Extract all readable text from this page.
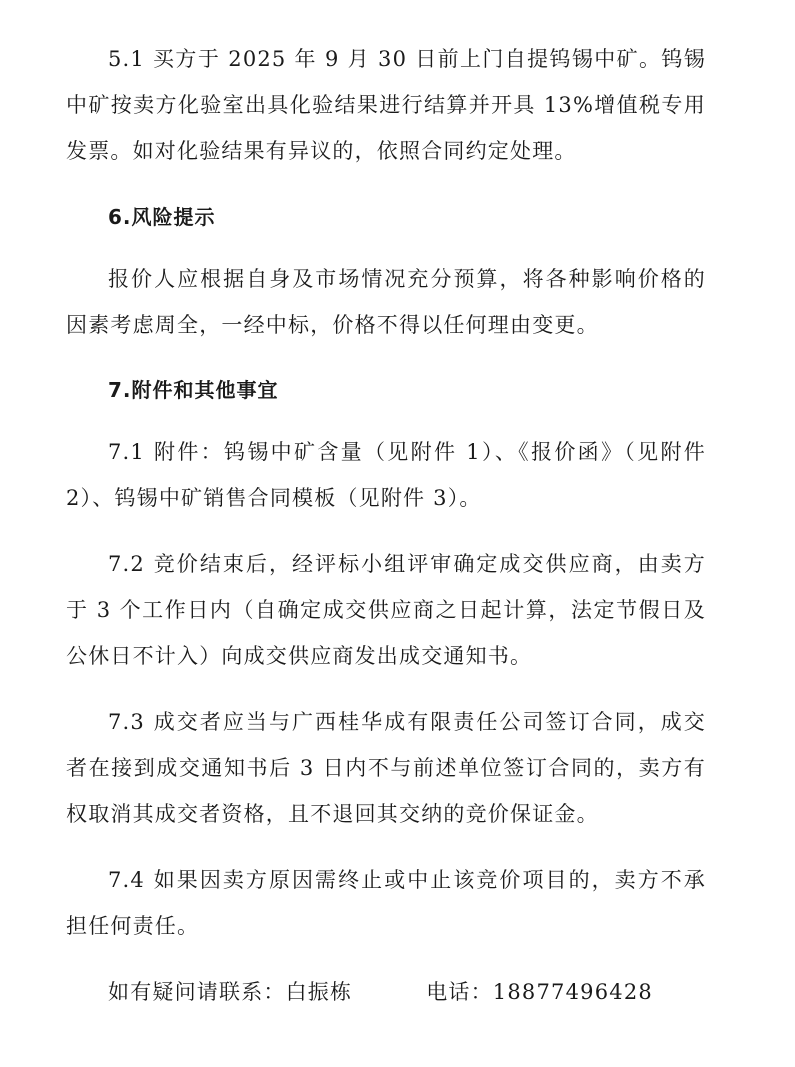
5.1 买方于 2025 年 9 月 30 日前上门自提钨锡中矿。钨锡中矿按卖方化验室出具化验结果进行结算并开具 13%增值税专用发票。如对化验结果有异议的，依照合同约定处理。

6.风险提示

报价人应根据自身及市场情况充分预算，将各种影响价格的因素考虑周全，一经中标，价格不得以任何理由变更。

7.附件和其他事宜

7.1 附件：钨锡中矿含量（见附件 1）、《报价函》（见附件 2）、钨锡中矿销售合同模板（见附件 3）。

7.2 竞价结束后，经评标小组评审确定成交供应商，由卖方于 3 个工作日内（自确定成交供应商之日起计算，法定节假日及公休日不计入）向成交供应商发出成交通知书。

7.3 成交者应当与广西桂华成有限责任公司签订合同，成交者在接到成交通知书后 3 日内不与前述单位签订合同的，卖方有权取消其成交者资格，且不退回其交纳的竞价保证金。

7.4 如果因卖方原因需终止或中止该竞价项目的，卖方不承担任何责任。

如有疑问请联系：白振栋	电话：18877496428
